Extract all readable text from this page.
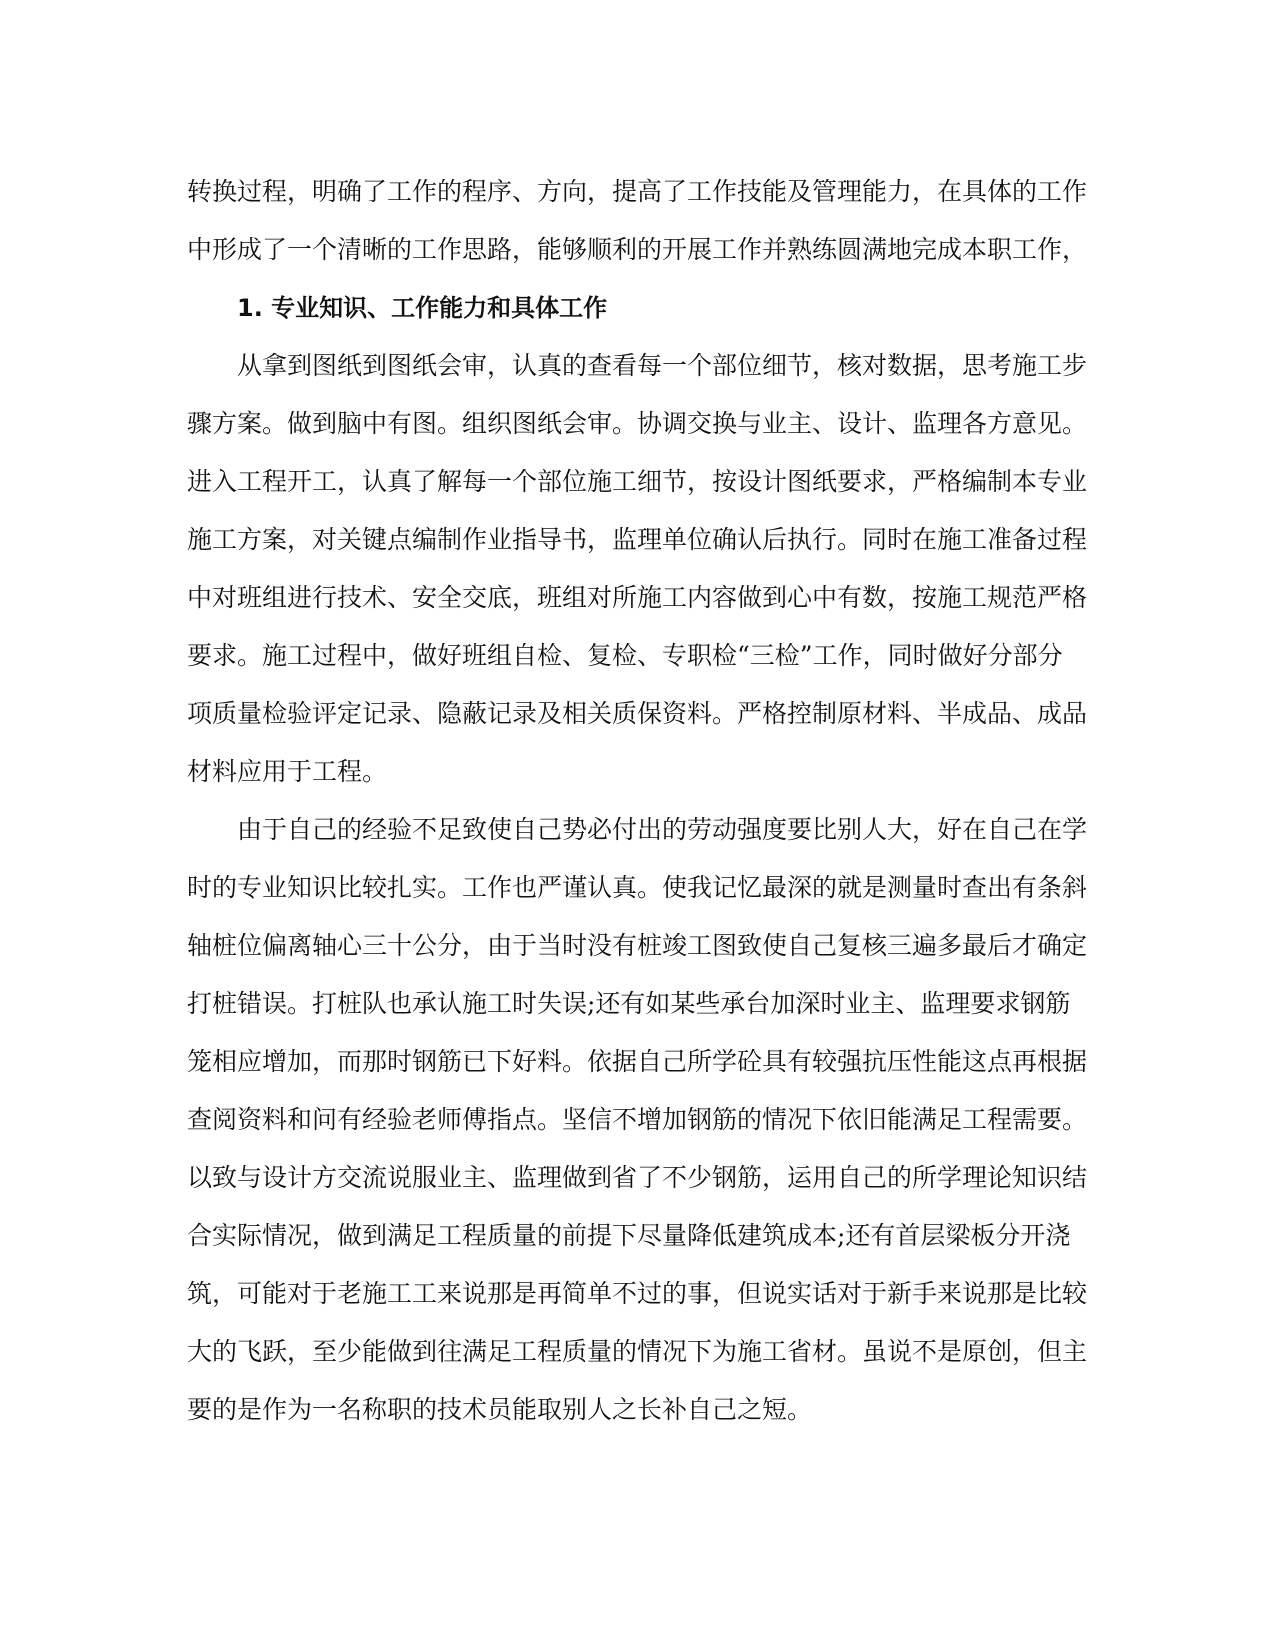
转换过程，明确了工作的程序、方向，提高了工作技能及管理能力，在具体的工作
中形成了一个清晰的工作思路，能够顺利的开展工作并熟练圆满地完成本职工作，
1. 专业知识、工作能力和具体工作
从拿到图纸到图纸会审，认真的查看每一个部位细节，核对数据，思考施工步
骤方案。做到脑中有图。组织图纸会审。协调交换与业主、设计、监理各方意见。
进入工程开工，认真了解每一个部位施工细节，按设计图纸要求，严格编制本专业
施工方案，对关键点编制作业指导书，监理单位确认后执行。同时在施工准备过程
中对班组进行技术、安全交底，班组对所施工内容做到心中有数，按施工规范严格
要求。施工过程中，做好班组自检、复检、专职检“三检”工作，同时做好分部分
项质量检验评定记录、隐蔽记录及相关质保资料。严格控制原材料、半成品、成品
材料应用于工程。
由于自己的经验不足致使自己势必付出的劳动强度要比别人大，好在自己在学
时的专业知识比较扎实。工作也严谨认真。使我记忆最深的就是测量时查出有条斜
轴桩位偏离轴心三十公分，由于当时没有桩竣工图致使自己复核三遍多最后才确定
打桩错误。打桩队也承认施工时失误;还有如某些承台加深时业主、监理要求钢筋
笼相应增加，而那时钢筋已下好料。依据自己所学砼具有较强抗压性能这点再根据
查阅资料和问有经验老师傅指点。坚信不增加钢筋的情况下依旧能满足工程需要。
以致与设计方交流说服业主、监理做到省了不少钢筋，运用自己的所学理论知识结
合实际情况，做到满足工程质量的前提下尽量降低建筑成本;还有首层梁板分开浇
筑，可能对于老施工工来说那是再简单不过的事，但说实话对于新手来说那是比较
大的飞跃，至少能做到往满足工程质量的情况下为施工省材。虽说不是原创，但主
要的是作为一名称职的技术员能取别人之长补自己之短。
